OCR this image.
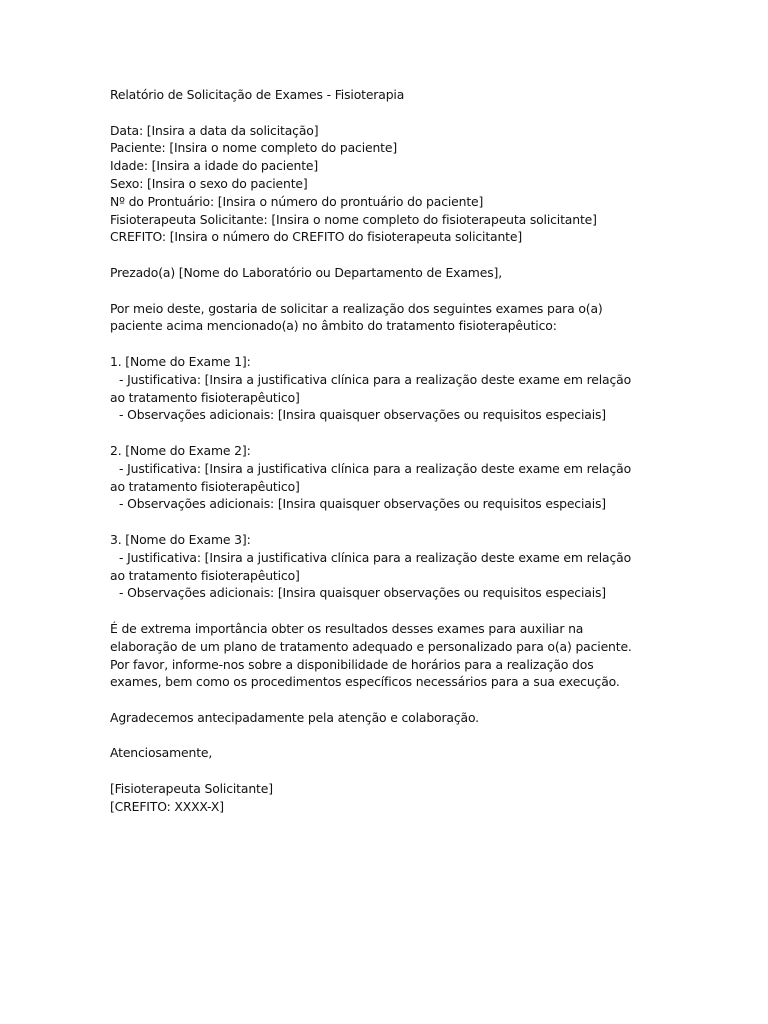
Relatório de Solicitação de Exames - Fisioterapia
Data: [Insira a data da solicitação]
Paciente: [Insira o nome completo do paciente]
Idade: [Insira a idade do paciente]
Sexo: [Insira o sexo do paciente]
Nº do Prontuário: [Insira o número do prontuário do paciente]
Fisioterapeuta Solicitante: [Insira o nome completo do fisioterapeuta solicitante]
CREFITO: [Insira o número do CREFITO do fisioterapeuta solicitante]
Prezado(a) [Nome do Laboratório ou Departamento de Exames],
Por meio deste, gostaria de solicitar a realização dos seguintes exames para o(a)
paciente acima mencionado(a) no âmbito do tratamento fisioterapêutico:
1. [Nome do Exame 1]:
- Justificativa: [Insira a justificativa clínica para a realização deste exame em relação
ao tratamento fisioterapêutico]
- Observações adicionais: [Insira quaisquer observações ou requisitos especiais]
2. [Nome do Exame 2]:
- Justificativa: [Insira a justificativa clínica para a realização deste exame em relação
ao tratamento fisioterapêutico]
- Observações adicionais: [Insira quaisquer observações ou requisitos especiais]
3. [Nome do Exame 3]:
- Justificativa: [Insira a justificativa clínica para a realização deste exame em relação
ao tratamento fisioterapêutico]
- Observações adicionais: [Insira quaisquer observações ou requisitos especiais]
É de extrema importância obter os resultados desses exames para auxiliar na
elaboração de um plano de tratamento adequado e personalizado para o(a) paciente.
Por favor, informe-nos sobre a disponibilidade de horários para a realização dos
exames, bem como os procedimentos específicos necessários para a sua execução.
Agradecemos antecipadamente pela atenção e colaboração.
Atenciosamente,
[Fisioterapeuta Solicitante]
[CREFITO: XXXX-X]
